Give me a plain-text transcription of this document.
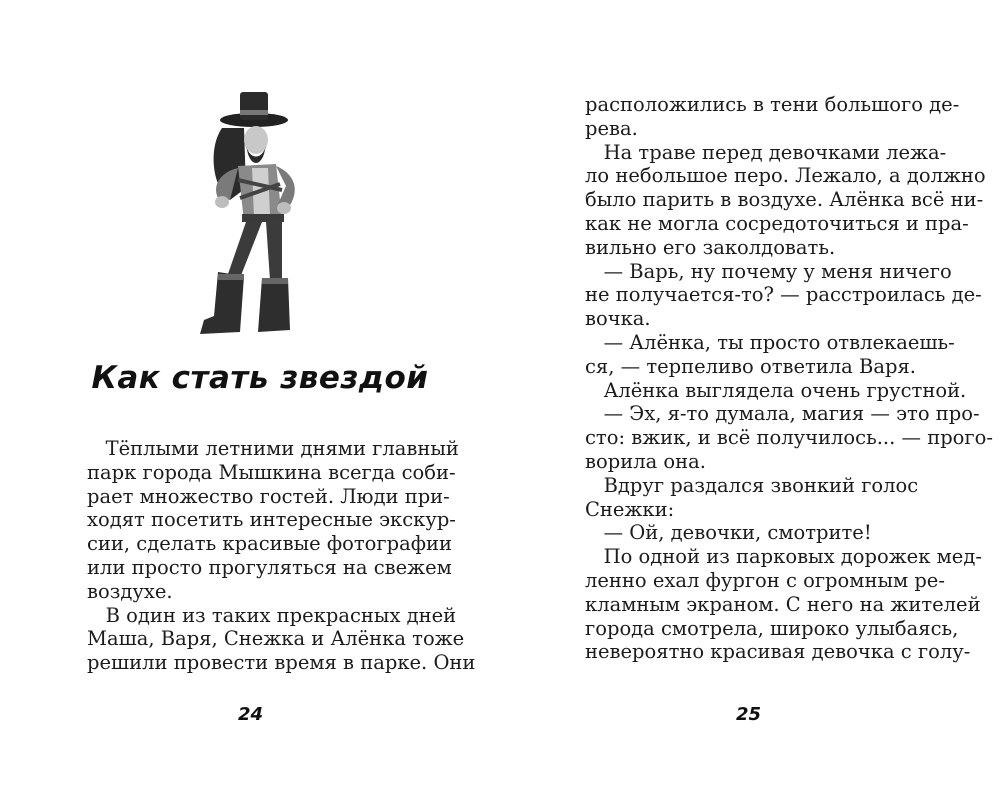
Как стать звездой
Тёплыми летними днями главный
парк города Мышкина всегда соби-
рает множество гостей. Люди при-
ходят посетить интересные экскур-
сии, сделать красивые фотографии
или просто прогуляться на свежем
воздухе.
В один из таких прекрасных дней
Маша, Варя, Снежка и Алёнка тоже
решили провести время в парке. Они

24

расположились в тени большого де-
рева.
На траве перед девочками лежа-
ло небольшое перо. Лежало, а должно
было парить в воздухе. Алёнка всё ни-
как не могла сосредоточиться и пра-
вильно его заколдовать.
— Варь, ну почему у меня ничего
не получается-то? — расстроилась де-
вочка.
— Алёнка, ты просто отвлекаешь-
ся, — терпеливо ответила Варя.
Алёнка выглядела очень грустной.
— Эх, я-то думала, магия — это про-
сто: вжик, и всё получилось... — прого-
ворила она.
Вдруг раздался звонкий голос
Снежки:
— Ой, девочки, смотрите!
По одной из парковых дорожек мед-
ленно ехал фургон с огромным ре-
кламным экраном. С него на жителей
города смотрела, широко улыбаясь,
невероятно красивая девочка с голу-

25
